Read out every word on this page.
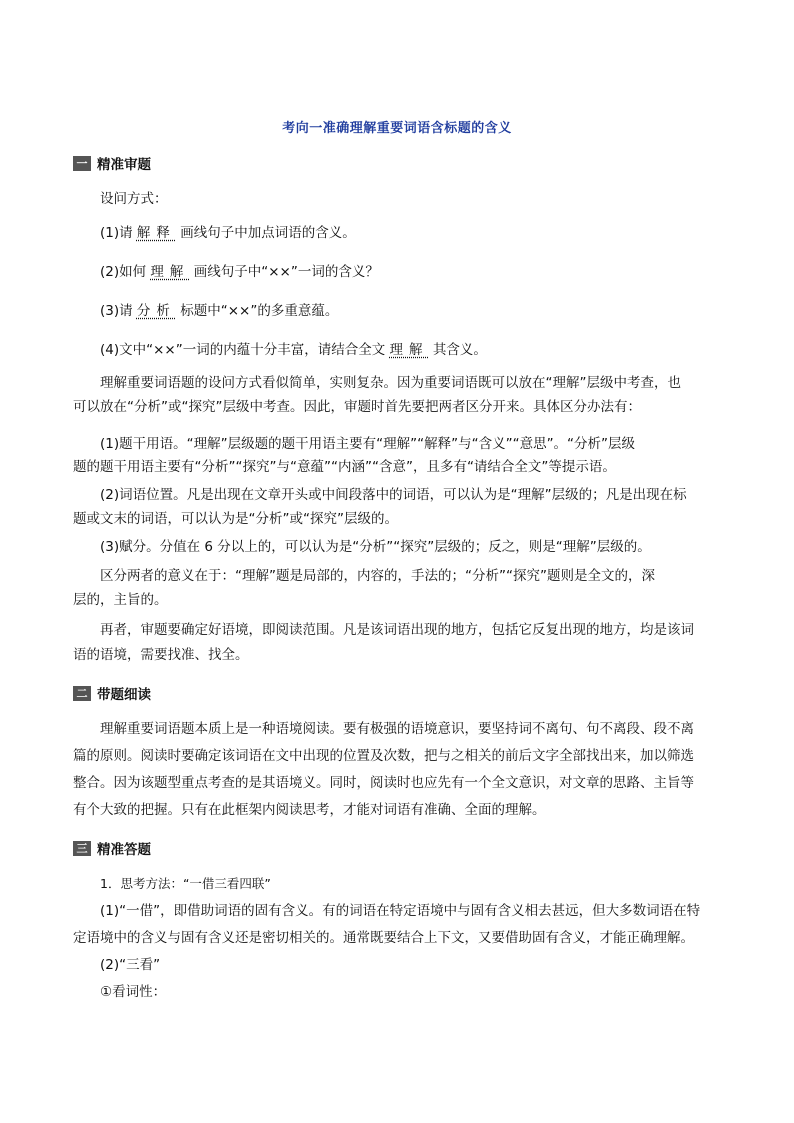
考向一准确理解重要词语含标题的含义
一 精准审题
设问方式：
(1)请 解释 画线句子中加点词语的含义。
(2)如何 理解 画线句子中“××”一词的含义？
(3)请 分析 标题中“××”的多重意蕴。
(4)文中“××”一词的内蕴十分丰富，请结合全文 理解 其含义。
理解重要词语题的设问方式看似简单，实则复杂。因为重要词语既可以放在“理解”层级中考查，也
可以放在“分析”或“探究”层级中考查。因此，审题时首先要把两者区分开来。具体区分办法有：
(1)题干用语。“理解”层级题的题干用语主要有“理解”“解释”与“含义”“意思”。“分析”层级
题的题干用语主要有“分析”“探究”与“意蕴”“内涵”“含意”，且多有“请结合全文”等提示语。
(2)词语位置。凡是出现在文章开头或中间段落中的词语，可以认为是“理解”层级的；凡是出现在标
题或文末的词语，可以认为是“分析”或“探究”层级的。
(3)赋分。分值在 6 分以上的，可以认为是“分析”“探究”层级的；反之，则是“理解”层级的。
区分两者的意义在于：“理解”题是局部的，内容的，手法的；“分析”“探究”题则是全文的，深
层的，主旨的。
再者，审题要确定好语境，即阅读范围。凡是该词语出现的地方，包括它反复出现的地方，均是该词
语的语境，需要找准、找全。
二 带题细读
理解重要词语题本质上是一种语境阅读。要有极强的语境意识，要坚持词不离句、句不离段、段不离
篇的原则。阅读时要确定该词语在文中出现的位置及次数，把与之相关的前后文字全部找出来，加以筛选
整合。因为该题型重点考查的是其语境义。同时，阅读时也应先有一个全文意识，对文章的思路、主旨等
有个大致的把握。只有在此框架内阅读思考，才能对词语有准确、全面的理解。
三 精准答题
1．思考方法：“一借三看四联”
(1)“一借”，即借助词语的固有含义。有的词语在特定语境中与固有含义相去甚远，但大多数词语在特
定语境中的含义与固有含义还是密切相关的。通常既要结合上下文，又要借助固有含义，才能正确理解。
(2)“三看”
①看词性：
